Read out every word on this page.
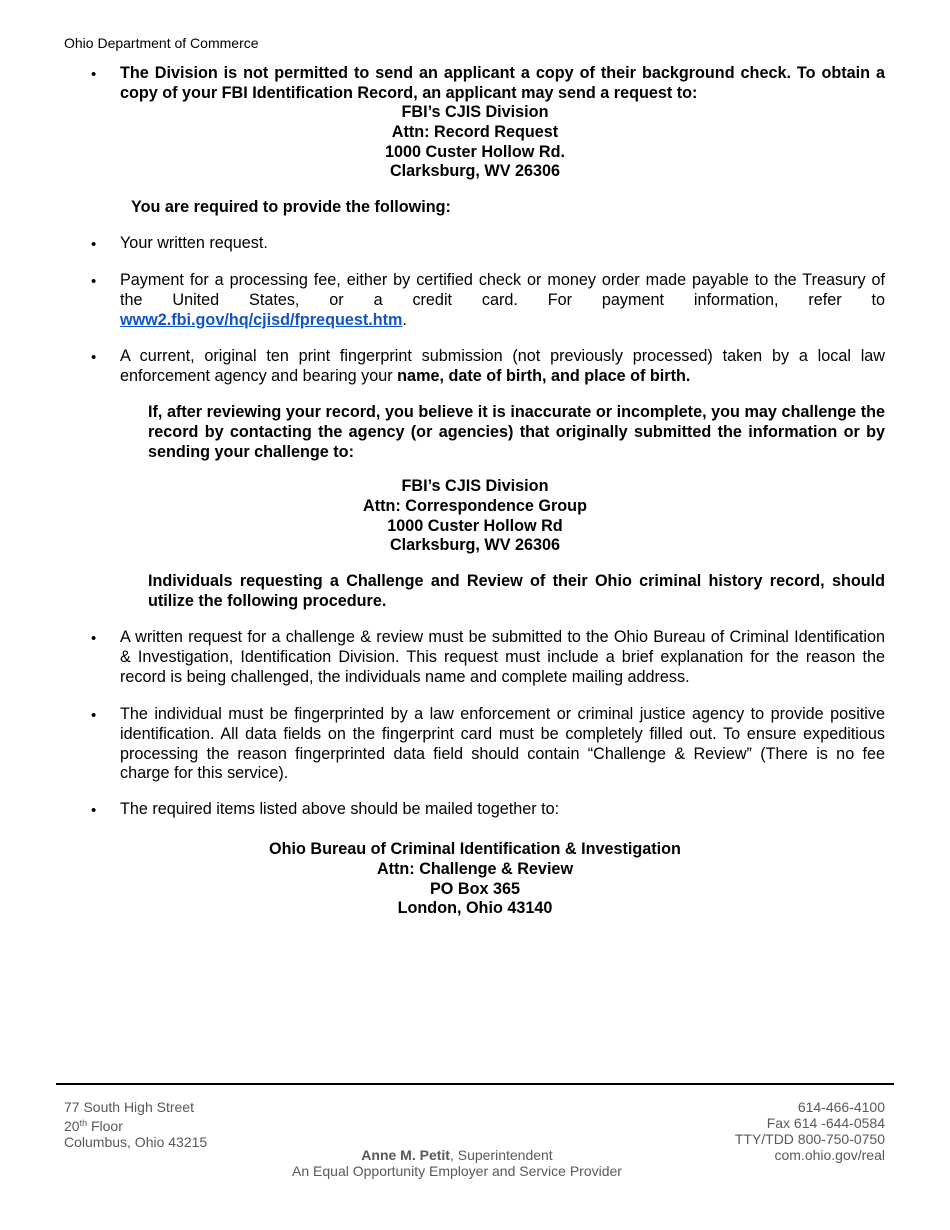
Ohio Department of Commerce
•	The Division is not permitted to send an applicant a copy of their background check. To obtain a copy of your FBI Identification Record, an applicant may send a request to:
FBI’s CJIS Division
Attn: Record Request
1000 Custer Hollow Rd.
Clarksburg, WV 26306
You are required to provide the following:
•	Your written request.
•	Payment for a processing fee, either by certified check or money order made payable to the Treasury of the United States, or a credit card. For payment information, refer to www2.fbi.gov/hq/cjisd/fprequest.htm.
•	A current, original ten print fingerprint submission (not previously processed) taken by a local law enforcement agency and bearing your name, date of birth, and place of birth.
If, after reviewing your record, you believe it is inaccurate or incomplete, you may challenge the record by contacting the agency (or agencies) that originally submitted the information or by sending your challenge to:
FBI’s CJIS Division
Attn: Correspondence Group
1000 Custer Hollow Rd
Clarksburg, WV 26306
Individuals requesting a Challenge and Review of their Ohio criminal history record, should utilize the following procedure.
•	A written request for a challenge & review must be submitted to the Ohio Bureau of Criminal Identification & Investigation, Identification Division. This request must include a brief explanation for the reason the record is being challenged, the individuals name and complete mailing address.
•	The individual must be fingerprinted by a law enforcement or criminal justice agency to provide positive identification. All data fields on the fingerprint card must be completely filled out. To ensure expeditious processing the reason fingerprinted data field should contain “Challenge & Review” (There is no fee charge for this service).
•	The required items listed above should be mailed together to:
Ohio Bureau of Criminal Identification & Investigation
Attn: Challenge & Review
PO Box 365
London, Ohio 43140
77 South High Street
20th Floor
Columbus, Ohio 43215
614-466-4100
Fax 614 -644-0584
TTY/TDD 800-750-0750
com.ohio.gov/real
Anne M. Petit, Superintendent
An Equal Opportunity Employer and Service Provider
